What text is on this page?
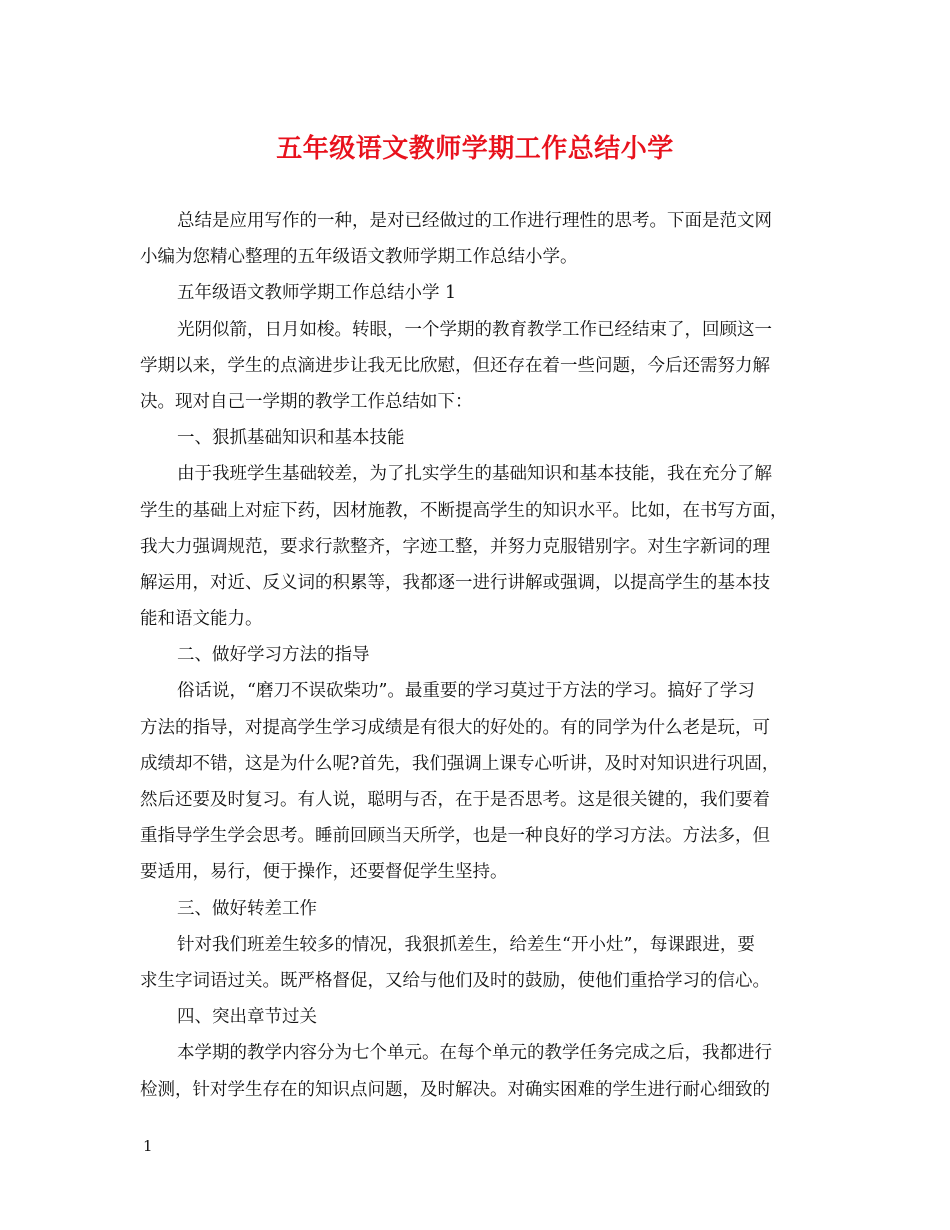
五年级语文教师学期工作总结小学
总结是应用写作的一种，是对已经做过的工作进行理性的思考。下面是范文网
小编为您精心整理的五年级语文教师学期工作总结小学。
五年级语文教师学期工作总结小学 1
光阴似箭，日月如梭。转眼，一个学期的教育教学工作已经结束了，回顾这一
学期以来，学生的点滴进步让我无比欣慰，但还存在着一些问题，今后还需努力解
决。现对自己一学期的教学工作总结如下：
一、狠抓基础知识和基本技能
由于我班学生基础较差，为了扎实学生的基础知识和基本技能，我在充分了解
学生的基础上对症下药，因材施教，不断提高学生的知识水平。比如，在书写方面，
我大力强调规范，要求行款整齐，字迹工整，并努力克服错别字。对生字新词的理
解运用，对近、反义词的积累等，我都逐一进行讲解或强调，以提高学生的基本技
能和语文能力。
二、做好学习方法的指导
俗话说，“磨刀不误砍柴功”。最重要的学习莫过于方法的学习。搞好了学习
方法的指导，对提高学生学习成绩是有很大的好处的。有的同学为什么老是玩，可
成绩却不错，这是为什么呢?首先，我们强调上课专心听讲，及时对知识进行巩固，
然后还要及时复习。有人说，聪明与否，在于是否思考。这是很关键的，我们要着
重指导学生学会思考。睡前回顾当天所学，也是一种良好的学习方法。方法多，但
要适用，易行，便于操作，还要督促学生坚持。
三、做好转差工作
针对我们班差生较多的情况，我狠抓差生，给差生“开小灶”，每课跟进，要
求生字词语过关。既严格督促，又给与他们及时的鼓励，使他们重拾学习的信心。
四、突出章节过关
本学期的教学内容分为七个单元。在每个单元的教学任务完成之后，我都进行
检测，针对学生存在的知识点问题，及时解决。对确实困难的学生进行耐心细致的
1
